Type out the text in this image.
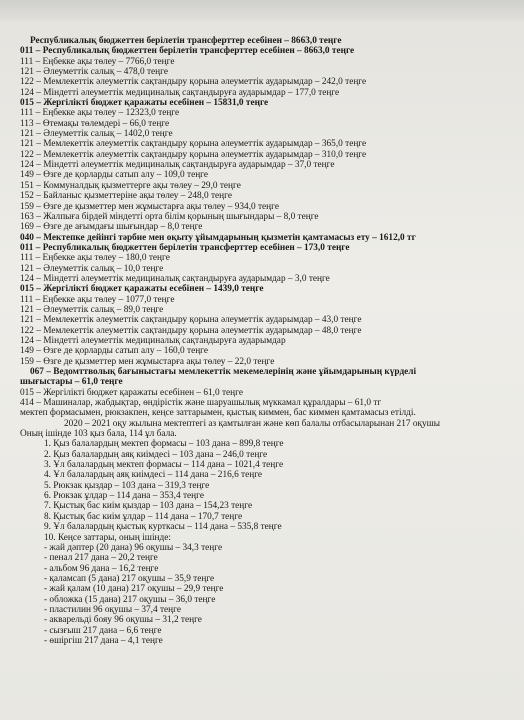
Республикалық бюджеттен берілетін трансферттер есебінен – 8663,0 теңге
011 – Республикалық бюджеттен берілетін трансферттер есебінен – 8663,0 теңге
111 – Еңбекке ақы төлеу – 7766,0 теңге
121 – Әлеуметтік салық – 478,0 теңге
122 – Мемлекеттік әлеуметтік сақтандыру қорына әлеуметтік аударымдар – 242,0 теңге
124 – Міндетті әлеуметтік медициналық сақтандыруға аударымдар – 177,0 теңге
015 – Жергілікті бюджет қаражаты есебінен – 15831,0 теңге
111 – Еңбекке ақы төлеу – 12323,0 теңге
113 – Өтемақы төлемдері – 66,0 теңге
121 – Әлеуметтік салық – 1402,0 теңге
121 – Мемлекеттік әлеуметтік сақтандыру қорына әлеуметтік аударымдар – 365,0 теңге
122 – Мемлекеттік әлеуметтік сақтандыру қорына әлеуметтік аударымдар – 310,0 теңге
124 – Міндетті әлеуметтік медициналық сақтандыруға аударымдар – 37,0 теңге
149 – Өзге де қорларды сатып алу – 109,0 теңге
151 – Коммуналдық қызметтерге ақы төлеу – 29,0 теңге
152 – Байланыс қызметтеріне ақы төлеу – 248,0 теңге
159 – Өзге де қызметтер мен жұмыстарға ақы төлеу – 934,0 теңге
163 – Жалпыға бірдей міндетті орта білім қорының шығындары – 8,0 теңге
169 – Өзге де ағымдағы шығындар – 8,0 теңге
040 – Мектепке дейінгі тәрбие мен оқыту ұйымдарының қызметін қамтамасыз ету – 1612,0 тг
011 – Республикалық бюджеттен берілетін трансферттер есебінен – 173,0 теңге
111 – Еңбекке ақы төлеу – 180,0 теңге
121 – Әлеуметтік салық – 10,0 теңге
124 – Міндетті әлеуметтік медициналық сақтандыруға аударымдар – 3,0 теңге
015 – Жергілікті бюджет қаражаты есебінен – 1439,0 теңге
111 – Еңбекке ақы төлеу – 1077,0 теңге
121 – Әлеуметтік салық – 89,0 теңге
121 – Мемлекеттік әлеуметтік сақтандыру қорына әлеуметтік аударымдар – 43,0 теңге
122 – Мемлекеттік әлеуметтік сақтандыру қорына әлеуметтік аударымдар – 48,0 теңге
124 – Міндетті әлеуметтік медициналық сақтандыруға аударымдар
149 – Өзге де қорларды сатып алу – 160,0 теңге
159 – Өзге де қызметтер мен жұмыстарға ақы төлеу – 22,0 теңге
067 – Ведомттволық бағыныстағы мемлекеттік мекемелерінің және ұйымдарының күрделі
шығыстары – 61,0 теңге
015 – Жергілікті бюджет қаражаты есебінен – 61,0 теңге
414 – Машиналар, жабдықтар, өндірістік және шаруашылық мүккамал құралдары – 61,0 тг
мектеп формасымен, рюкзакпен, кеңсе заттарымен, қыстық киммен, бас киммен қамтамасыз етілді.
2020 – 2021 оқу жылына мектептегі аз қамтылған және көп балалы отбасыларынан 217 оқушы
Оның ішінде 103 қыз бала, 114 ұл бала.
1. Қыз балалардың мектеп формасы – 103 дана – 899,8 теңге
2. Қыз балалардың аяқ киімдесі – 103 дана – 246,0 теңге
3. Ұл балалардың мектеп формасы – 114 дана – 1021,4 теңге
4. Ұл балалардың аяқ киімдесі – 114 дана – 216,6 теңге
5. Рюкзак қыздар – 103 дана – 319,3 теңге
6. Рюкзак ұлдар – 114 дана – 353,4 теңге
7. Қыстық бас киім қыздар – 103 дана – 154,23 теңге
8. Қыстық бас киім ұлдар – 114 дана – 170,7 теңге
9. Ұл балалардың қыстық курткасы – 114 дана – 535,8 теңге
10. Кеңсе заттары, оның ішінде:
- жай дәптер (20 дана) 96 оқушы – 34,3 теңге
- пенал 217 дана – 20,2 теңге
- альбом 96 дана – 16,2 теңге
- қаламсап (5 дана) 217 оқушы – 35,9 теңге
- жай қалам (10 дана) 217 оқушы – 29,9 теңге
- обложка (15 дана) 217 оқушы – 36,0 теңге
- пластилин 96 оқушы – 37,4 теңге
- акварельді бояу 96 оқушы – 31,2 теңге
- сызғыш 217 дана – 6,6 теңге
- өшіргіш 217 дана – 4,1 теңге
